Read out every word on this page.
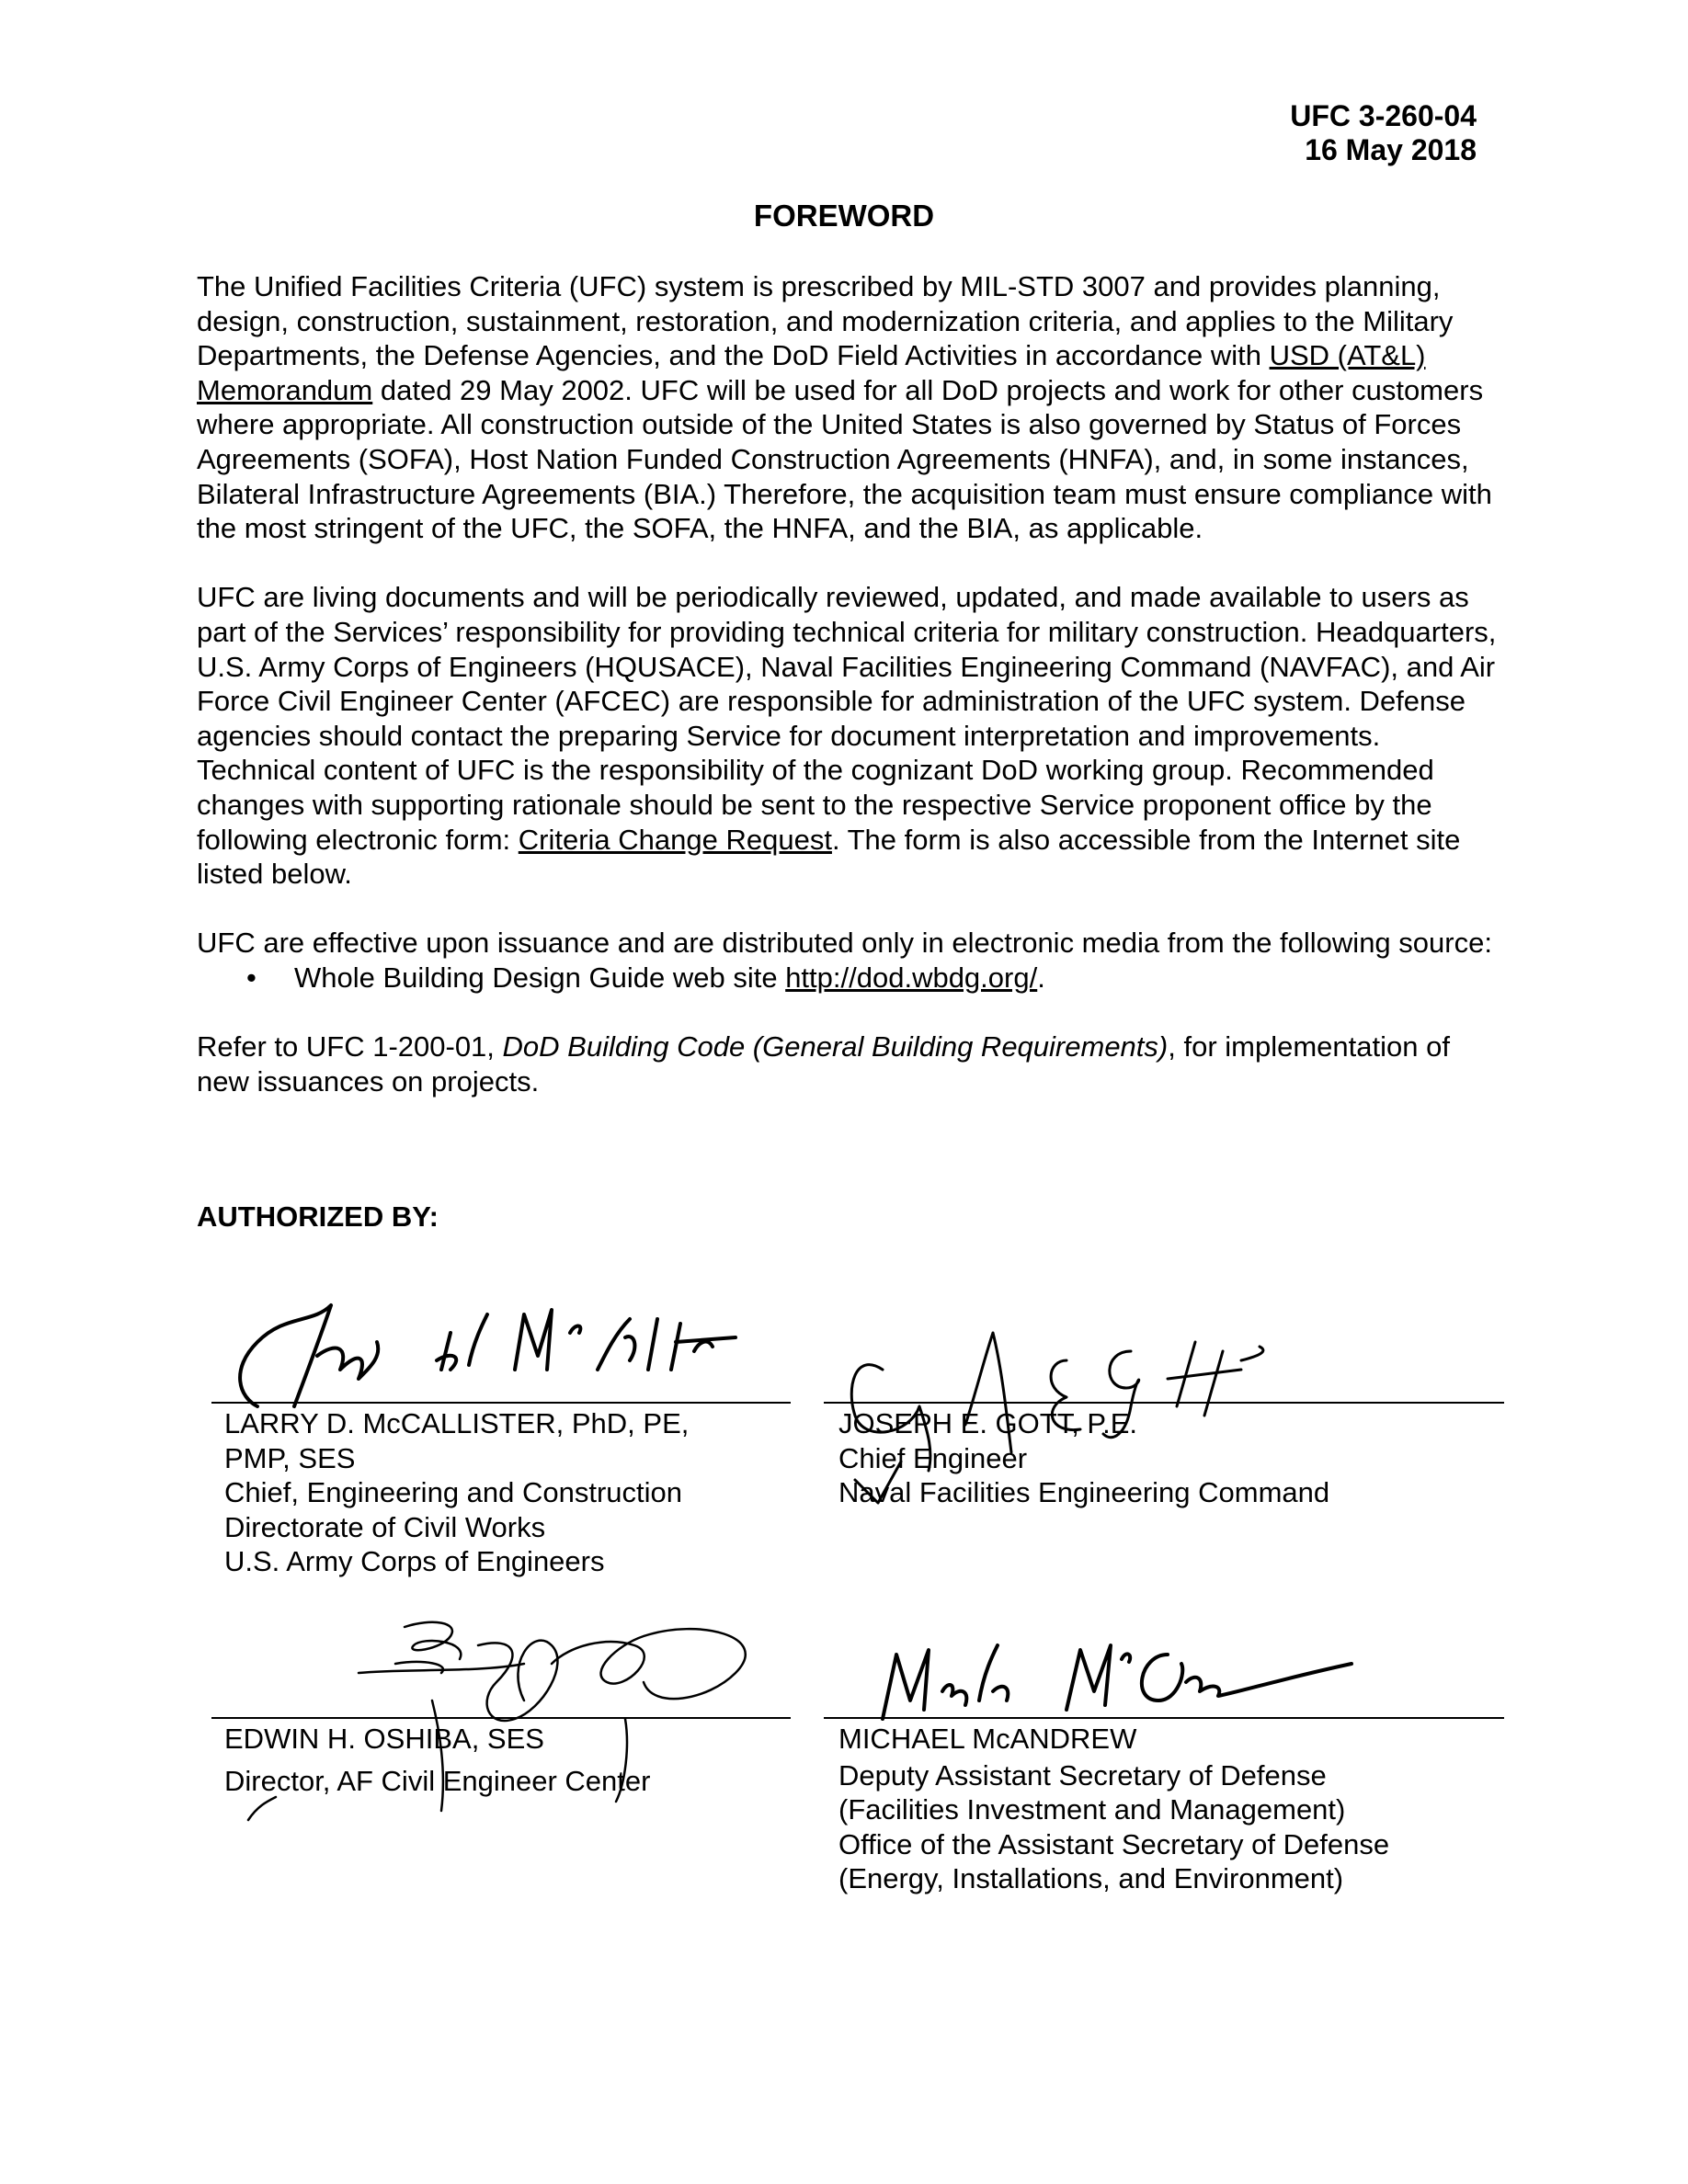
UFC 3-260-04
16 May 2018
FOREWORD

The Unified Facilities Criteria (UFC) system is prescribed by MIL-STD 3007 and provides planning, design, construction, sustainment, restoration, and modernization criteria, and applies to the Military Departments, the Defense Agencies, and the DoD Field Activities in accordance with USD (AT&L) Memorandum dated 29 May 2002. UFC will be used for all DoD projects and work for other customers where appropriate. All construction outside of the United States is also governed by Status of Forces Agreements (SOFA), Host Nation Funded Construction Agreements (HNFA), and, in some instances, Bilateral Infrastructure Agreements (BIA.) Therefore, the acquisition team must ensure compliance with the most stringent of the UFC, the SOFA, the HNFA, and the BIA, as applicable.

UFC are living documents and will be periodically reviewed, updated, and made available to users as part of the Services’ responsibility for providing technical criteria for military construction. Headquarters, U.S. Army Corps of Engineers (HQUSACE), Naval Facilities Engineering Command (NAVFAC), and Air Force Civil Engineer Center (AFCEC) are responsible for administration of the UFC system. Defense agencies should contact the preparing Service for document interpretation and improvements. Technical content of UFC is the responsibility of the cognizant DoD working group. Recommended changes with supporting rationale should be sent to the respective Service proponent office by the following electronic form: Criteria Change Request. The form is also accessible from the Internet site listed below.

UFC are effective upon issuance and are distributed only in electronic media from the following source:

• Whole Building Design Guide web site http://dod.wbdg.org/.

Refer to UFC 1-200-01, DoD Building Code (General Building Requirements), for implementation of new issuances on projects.

AUTHORIZED BY:
LARRY D. McCALLISTER, PhD, PE,
PMP, SES
Chief, Engineering and Construction
Directorate of Civil Works
U.S. Army Corps of Engineers
JOSEPH E. GOTT, P.E.
Chief Engineer
Naval Facilities Engineering Command
EDWIN H. OSHIBA, SES
Director, AF Civil Engineer Center
MICHAEL McANDREW
Deputy Assistant Secretary of Defense
(Facilities Investment and Management)
Office of the Assistant Secretary of Defense
(Energy, Installations, and Environment)
